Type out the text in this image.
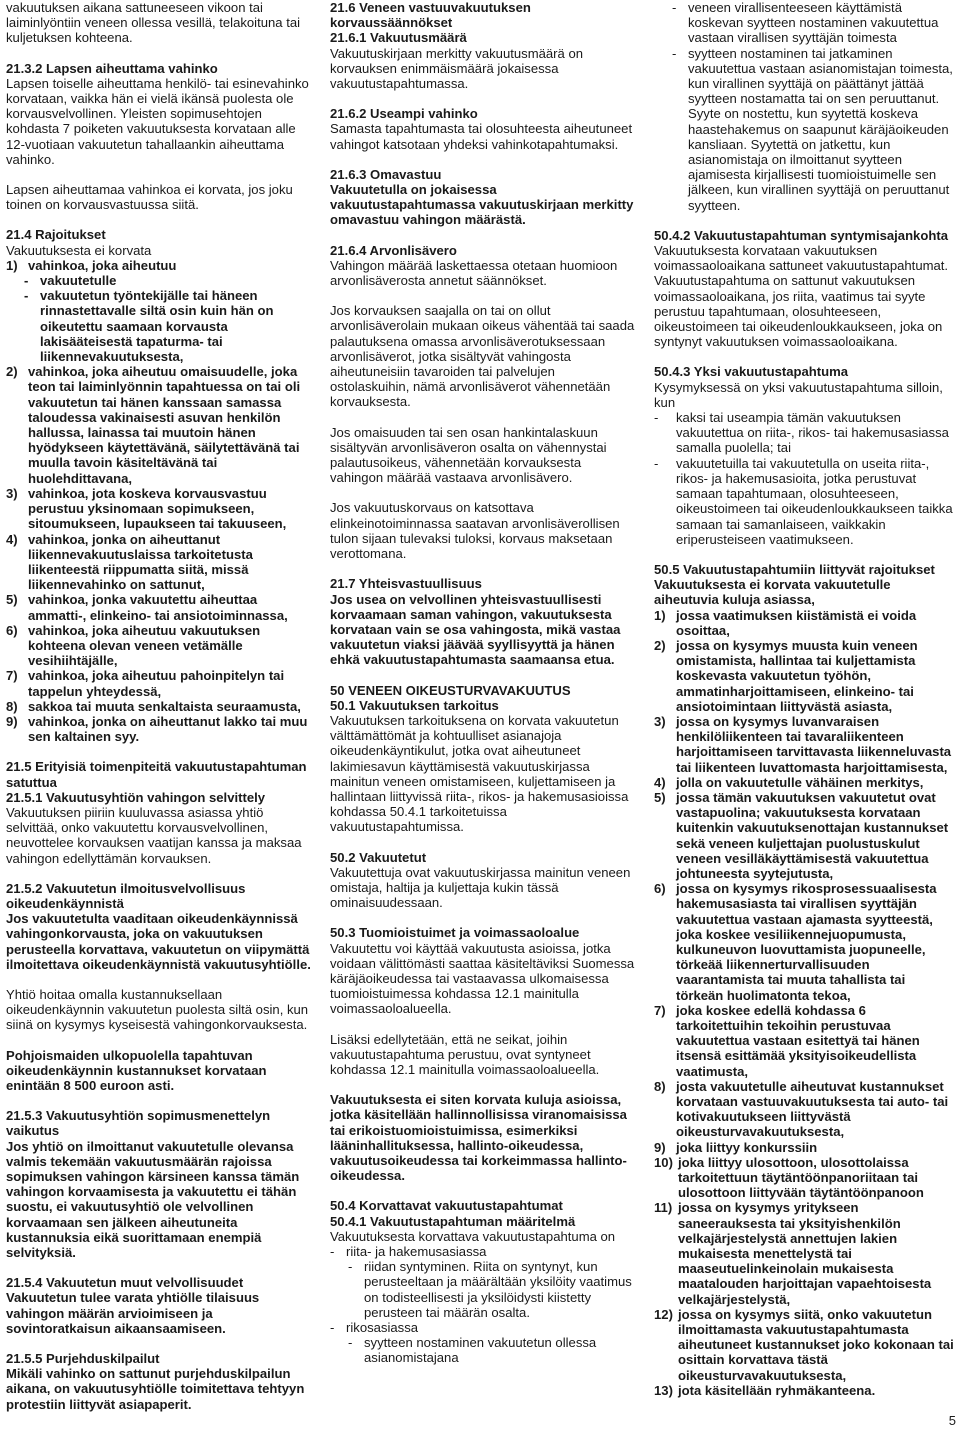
vakuutuksen aikana sattuneeseen vikoon tai laiminlyöntiin veneen ollessa vesillä, telakoituna tai kuljetuksen kohteena.

21.3.2 Lapsen aiheuttama vahinko

Lapsen toiselle aiheuttama henkilö- tai esinevahinko korvataan, vaikka hän ei vielä ikänsä puolesta ole korvausvelvollinen. Yleisten sopimusehtojen kohdasta 7 poiketen vakuutuksesta korvataan alle 12-vuotiaan vakuutetun tahallaankin aiheuttama vahinko.

Lapsen aiheuttamaa vahinkoa ei korvata, jos joku toinen on korvausvastuussa siitä.

21.4 Rajoitukset

Vakuutuksesta ei korvata

1) vahinkoa, joka aiheutuu
- vakuutetulle
- vakuutetun työntekijälle tai häneen rinnastettavalle siltä osin kuin hän on oikeutettu saamaan korvausta lakisääteisestä tapaturma- tai liikennevakuutuksesta,
2) vahinkoa, joka aiheutuu omaisuudelle, joka teon tai laiminlyönnin tapahtuessa on tai oli vakuutetun tai hänen kanssaan samassa taloudessa vakinaisesti asuvan henkilön hallussa, lainassa tai muutoin hänen hyödykseen käytettävänä, säilytettävänä tai muulla tavoin käsiteltävänä tai huolehdittavana,
3) vahinkoa, jota koskeva korvausvastuu perustuu yksinomaan sopimukseen, sitoumukseen, lupaukseen tai takuuseen,
4) vahinkoa, jonka on aiheuttanut liikennevakuutuslaissa tarkoitetusta liikenteestä riippumatta siitä, missä liikennevahinko on sattunut,
5) vahinkoa, jonka vakuutettu aiheuttaa ammatti-, elinkeino- tai ansiotoiminnassa,
6) vahinkoa, joka aiheutuu vakuutuksen kohteena olevan veneen vetämälle vesihiihtäjälle,
7) vahinkoa, joka aiheutuu pahoinpitelyn tai tappelun yhteydessä,
8) sakkoa tai muuta senkaltaista seuraamusta,
9) vahinkoa, jonka on aiheuttanut lakko tai muu sen kaltainen syy.

21.5 Erityisiä toimenpiteitä vakuutustapahtuman satuttua

21.5.1 Vakuutusyhtiön vahingon selvittely

Vakuutuksen piiriin kuuluvassa asiassa yhtiö selvittää, onko vakuutettu korvausvelvollinen, neuvottelee korvauksen vaatijan kanssa ja maksaa vahingon edellyttämän korvauksen.

21.5.2 Vakuutetun ilmoitusvelvollisuus oikeudenkäynnistä

Jos vakuutetulta vaaditaan oikeudenkäynnissä vahingonkorvausta, joka on vakuutuksen perusteella korvattava, vakuutetun on viipymättä ilmoitettava oikeudenkäynnistä vakuutusyhtiölle.

Yhtiö hoitaa omalla kustannuksellaan oikeudenkäynnin vakuutetun puolesta siltä osin, kun siinä on kysymys kyseisestä vahingonkorvauksesta.

Pohjoismaiden ulkopuolella tapahtuvan oikeudenkäynnin kustannukset korvataan enintään 8 500 euroon asti.

21.5.3 Vakuutusyhtiön sopimusmenettelyn vaikutus

Jos yhtiö on ilmoittanut vakuutetulle olevansa valmis tekemään vakuutusmäärän rajoissa sopimuksen vahingon kärsineen kanssa tämän vahingon korvaamisesta ja vakuutettu ei tähän suostu, ei vakuutusyhtiö ole velvollinen korvaamaan sen jälkeen aiheutuneita kustannuksia eikä suorittamaan enempiä selvityksiä.

21.5.4 Vakuutetun muut velvollisuudet

Vakuutetun tulee varata yhtiölle tilaisuus vahingon määrän arvioimiseen ja sovintoratkaisun aikaansaamiseen.

21.5.5 Purjehduskilpailut

Mikäli vahinko on sattunut purjehduskilpailun aikana, on vakuutusyhtiölle toimitettava tehtyyn protestiin liittyvät asiapaperit.

21.6 Veneen vastuuvakuutuksen korvaussäännökset

21.6.1 Vakuutusmäärä

Vakuutuskirjaan merkitty vakuutusmäärä on korvauksen enimmäismäärä jokaisessa vakuutustapahtumassa.

21.6.2 Useampi vahinko

Samasta tapahtumasta tai olosuhteesta aiheutuneet vahingot katsotaan yhdeksi vahinkotapahtumaksi.

21.6.3 Omavastuu

Vakuutetulla on jokaisessa vakuutustapahtumassa vakuutuskirjaan merkitty omavastuu vahingon määrästä.

21.6.4 Arvonlisävero

Vahingon määrää laskettaessa otetaan huomioon arvonlisäverosta annetut säännökset.

Jos korvauksen saajalla on tai on ollut arvonlisäverolain mukaan oikeus vähentää tai saada palautuksena omassa arvonlisäverotuksessaan arvonlisäverot, jotka sisältyvät vahingosta aiheutuneisiin tavaroiden tai palvelujen ostolaskuihin, nämä arvonlisäverot vähennetään korvauksesta.

Jos omaisuuden tai sen osan hankintalaskuun sisältyvän arvonlisäveron osalta on vähennystai palautusoikeus, vähennetään korvauksesta vahingon määrää vastaava arvonlisävero.

Jos vakuutuskorvaus on katsottava elinkeinotoiminnassa saatavan arvonlisäverollisen tulon sijaan tulevaksi tuloksi, korvaus maksetaan verottomana.

21.7 Yhteisvastuullisuus

Jos usea on velvollinen yhteisvastuullisesti korvaamaan saman vahingon, vakuutuksesta korvataan vain se osa vahingosta, mikä vastaa vakuutetun viaksi jäävää syyllisyyttä ja hänen ehkä vakuutustapahtumasta saamaansa etua.

50 VENEEN OIKEUSTURVAVAKUUTUS

50.1 Vakuutuksen tarkoitus

Vakuutuksen tarkoituksena on korvata vakuutetun välttämättömät ja kohtuulliset asianajoja oikeudenkäyntikulut, jotka ovat aiheutuneet lakimiesavun käyttämisestä vakuutuskirjassa mainitun veneen omistamiseen, kuljettamiseen ja hallintaan liittyvissä riita-, rikos- ja hakemusasioissa kohdassa 50.4.1 tarkoitetuissa vakuutustapahtumissa.

50.2 Vakuutetut

Vakuutettuja ovat vakuutuskirjassa mainitun veneen omistaja, haltija ja kuljettaja kukin tässä ominaisuudessaan.

50.3 Tuomioistuimet ja voimassaoloalue

Vakuutettu voi käyttää vakuutusta asioissa, jotka voidaan välittömästi saattaa käsiteltäviksi Suomessa käräjäoikeudessa tai vastaavassa ulkomaisessa tuomioistuimessa kohdassa 12.1 mainitulla voimassaoloalueella.

Lisäksi edellytetään, että ne seikat, joihin vakuutustapahtuma perustuu, ovat syntyneet kohdassa 12.1 mainitulla voimassaoloalueella.

Vakuutuksesta ei siten korvata kuluja asioissa, jotka käsitellään hallinnollisissa viranomaisissa tai erikoistuomioistuimissa, esimerkiksi lääninhallituksessa, hallinto-oikeudessa, vakuutusoikeudessa tai korkeimmassa hallinto-oikeudessa.

50.4 Korvattavat vakuutustapahtumat

50.4.1 Vakuutustapahtuman määritelmä

Vakuutuksesta korvattava vakuutustapahtuma on

- riita- ja hakemusasiassa
- riidan syntyminen. Riita on syntynyt, kun perusteeltaan ja määrältään yksilöity vaatimus on todisteellisesti ja yksilöidysti kiistetty perusteen tai määrän osalta.
- rikosasiassa
- syytteen nostaminen vakuutetun ollessa asianomistajana
- veneen virallisenteeseen käyttämistä koskevan syytteen nostaminen vakuutettua vastaan virallisen syyttäjän toimesta
- syytteen nostaminen tai jatkaminen vakuutettua vastaan asianomistajan toimesta, kun virallinen syyttäjä on päättänyt jättää syytteen nostamatta tai on sen peruuttanut. Syyte on nostettu, kun syytettä koskeva haastehakemus on saapunut käräjäoikeuden kansliaan. Syytettä on jatkettu, kun asianomistaja on ilmoittanut syytteen ajamisesta kirjallisesti tuomioistuimelle sen jälkeen, kun virallinen syyttäjä on peruuttanut syytteen.

50.4.2 Vakuutustapahtuman syntymisajankohta

Vakuutuksesta korvataan vakuutuksen voimassaoloaikana sattuneet vakuutustapahtumat. Vakuutustapahtuma on sattunut vakuutuksen voimassaoloaikana, jos riita, vaatimus tai syyte perustuu tapahtumaan, olosuhteeseen, oikeustoimeen tai oikeudenloukkaukseen, joka on syntynyt vakuutuksen voimassaoloaikana.

50.4.3 Yksi vakuutustapahtuma

Kysymyksessä on yksi vakuutustapahtuma silloin, kun

-	kaksi tai useampia tämän vakuutuksen vakuutettua on riita-, rikos- tai hakemusasiassa samalla puolella; tai
-	vakuutetuilla tai vakuutetulla on useita riita-, rikos- ja hakemusasioita, jotka perustuvat samaan tapahtumaan, olosuhteeseen, oikeustoimeen tai oikeudenloukkaukseen taikka samaan tai samanlaiseen, vaikkakin eriperusteiseen vaatimukseen.

50.5 Vakuutustapahtumiin liittyvät rajoitukset

Vakuutuksesta ei korvata vakuutetulle aiheutuvia kuluja asiassa,

1) jossa vaatimuksen kiistämistä ei voida osoittaa,
2) jossa on kysymys muusta kuin veneen omistamista, hallintaa tai kuljettamista koskevasta vakuutetun työhön, ammatinharjoittamiseen, elinkeino- tai ansiotoimintaan liittyvästä asiasta,
3) jossa on kysymys luvanvaraisen henkilöliikenteen tai tavaraliikenteen harjoittamiseen tarvittavasta liikenneluvasta tai liikenteen luvattomasta harjoittamisesta,
4) jolla on vakuutetulle vähäinen merkitys,
5) jossa tämän vakuutuksen vakuutetut ovat vastapuolina; vakuutuksesta korvataan kuitenkin vakuutuksenottajan kustannukset sekä veneen kuljettajan puolustuskulut veneen vesilläkäyttämisestä vakuutettua johtuneesta syytejutusta,
6) jossa on kysymys rikosprosessuaalisesta hakemusasiasta tai virallisen syyttäjän vakuutettua vastaan ajamasta syytteestä, joka koskee vesiliikennejuopumusta, kulkuneuvon luovuttamista juopuneelle, törkeää liikennerturvallisuuden vaarantamista tai muuta tahallista tai törkeän huolimatonta tekoa,
7) joka koskee edellä kohdassa 6 tarkoitettuihin tekoihin perustuvaa vakuutettua vastaan esitettyä tai hänen itsensä esittämää yksityisoikeudellista vaatimusta,
8) josta vakuutetulle aiheutuvat kustannukset korvataan vastuuvakuutuksesta tai auto- tai kotivakuutukseen liittyvästä oikeusturvavakuutuksesta,
9) joka liittyy konkurssiin
10) joka liittyy ulosottoon, ulosottolaissa tarkoitettuun täytäntöönpanoriitaan tai ulosottoon liittyvään täytäntöönpanoon
11) jossa on kysymys yritykseen saneerauksesta tai yksityishenkilön velkajärjestelystä annettujen lakien mukaisesta menettelystä tai maaseutuelinkeinolain mukaisesta maatalouden harjoittajan vapaehtoisesta velkajärjestelystä,
12) jossa on kysymys siitä, onko vakuutetun ilmoittamasta vakuutustapahtumasta aiheutuneet kustannukset joko kokonaan tai osittain korvattava tästä oikeusturvavakuutuksesta,
13) jota käsitellään ryhmäkanteena.
5
